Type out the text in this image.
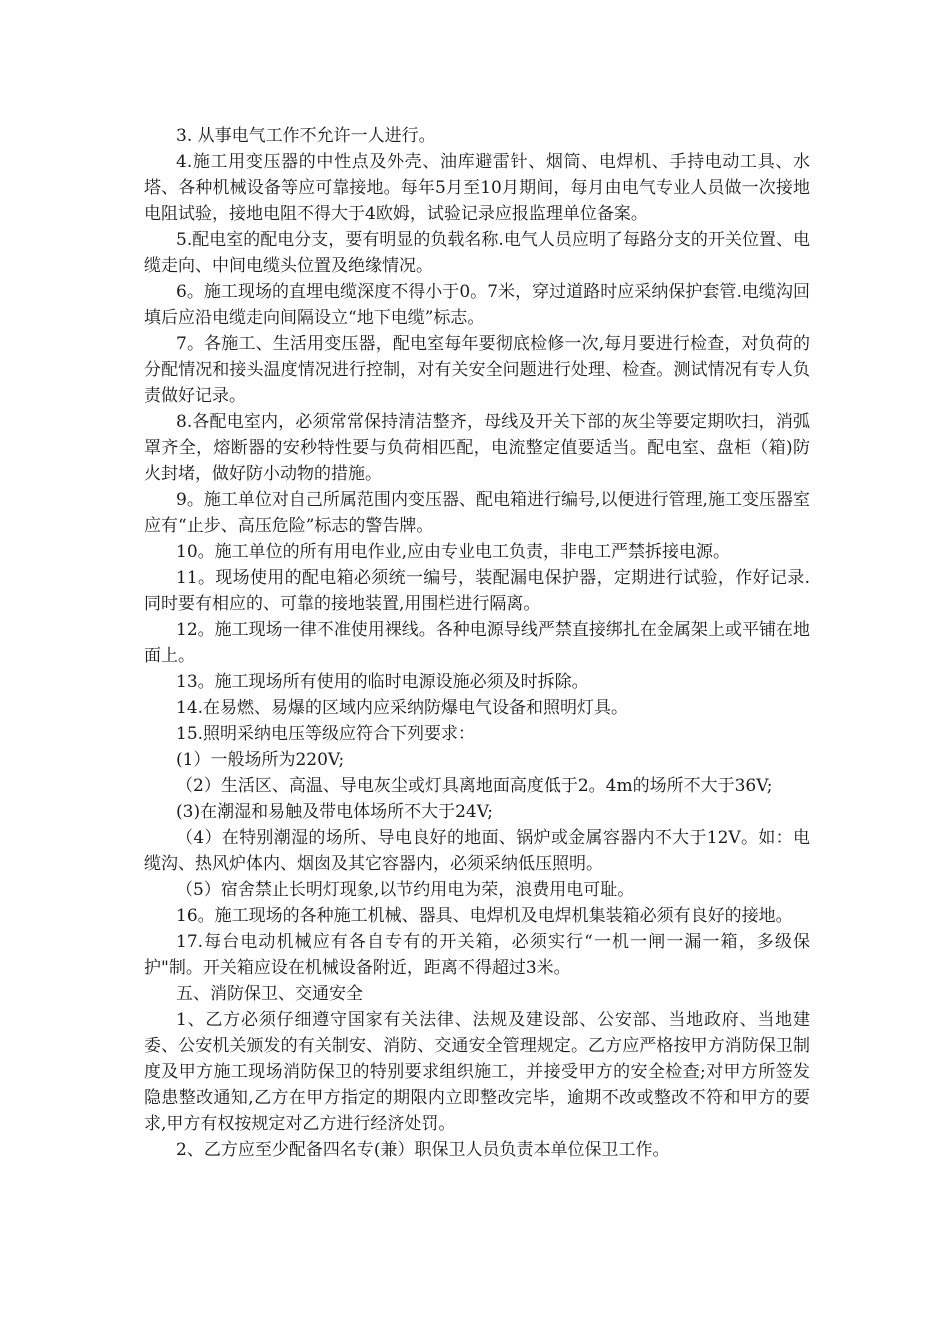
3. 从事电气工作不允许一人进行。

4.施工用变压器的中性点及外壳、油库避雷针、烟筒、电焊机、手持电动工具、水塔、各种机械设备等应可靠接地。每年5月至10月期间，每月由电气专业人员做一次接地电阻试验，接地电阻不得大于4欧姆，试验记录应报监理单位备案。

5.配电室的配电分支，要有明显的负载名称.电气人员应明了每路分支的开关位置、电缆走向、中间电缆头位置及绝缘情况。

6。施工现场的直埋电缆深度不得小于0。7米，穿过道路时应采纳保护套管.电缆沟回填后应沿电缆走向间隔设立“地下电缆”标志。

7。各施工、生活用变压器，配电室每年要彻底检修一次,每月要进行检查，对负荷的分配情况和接头温度情况进行控制，对有关安全问题进行处理、检查。测试情况有专人负责做好记录。

8.各配电室内，必须常常保持清洁整齐，母线及开关下部的灰尘等要定期吹扫，消弧罩齐全，熔断器的安秒特性要与负荷相匹配，电流整定值要适当。配电室、盘柜（箱)防火封堵，做好防小动物的措施。

9。施工单位对自己所属范围内变压器、配电箱进行编号,以便进行管理,施工变压器室应有“止步、高压危险”标志的警告牌。

10。施工单位的所有用电作业,应由专业电工负责，非电工严禁拆接电源。

11。现场使用的配电箱必须统一编号，装配漏电保护器，定期进行试验，作好记录.同时要有相应的、可靠的接地装置,用围栏进行隔离。

12。施工现场一律不准使用裸线。各种电源导线严禁直接绑扎在金属架上或平铺在地面上。

13。施工现场所有使用的临时电源设施必须及时拆除。

14.在易燃、易爆的区域内应采纳防爆电气设备和照明灯具。

15.照明采纳电压等级应符合下列要求：

(1）一般场所为220V;

（2）生活区、高温、导电灰尘或灯具离地面高度低于2。4m的场所不大于36V;

(3)在潮湿和易触及带电体场所不大于24V;

（4）在特别潮湿的场所、导电良好的地面、锅炉或金属容器内不大于12V。如：电缆沟、热风炉体内、烟囱及其它容器内，必须采纳低压照明。

（5）宿舍禁止长明灯现象,以节约用电为荣，浪费用电可耻。

16。施工现场的各种施工机械、器具、电焊机及电焊机集装箱必须有良好的接地。

17.每台电动机械应有各自专有的开关箱，必须实行“一机一闸一漏一箱，多级保护"制。开关箱应设在机械设备附近，距离不得超过3米。

五、消防保卫、交通安全

1、乙方必须仔细遵守国家有关法律、法规及建设部、公安部、当地政府、当地建委、公安机关颁发的有关制安、消防、交通安全管理规定。乙方应严格按甲方消防保卫制度及甲方施工现场消防保卫的特别要求组织施工，并接受甲方的安全检查;对甲方所签发隐患整改通知,乙方在甲方指定的期限内立即整改完毕，逾期不改或整改不符和甲方的要求,甲方有权按规定对乙方进行经济处罚。

2、乙方应至少配备四名专(兼）职保卫人员负责本单位保卫工作。
